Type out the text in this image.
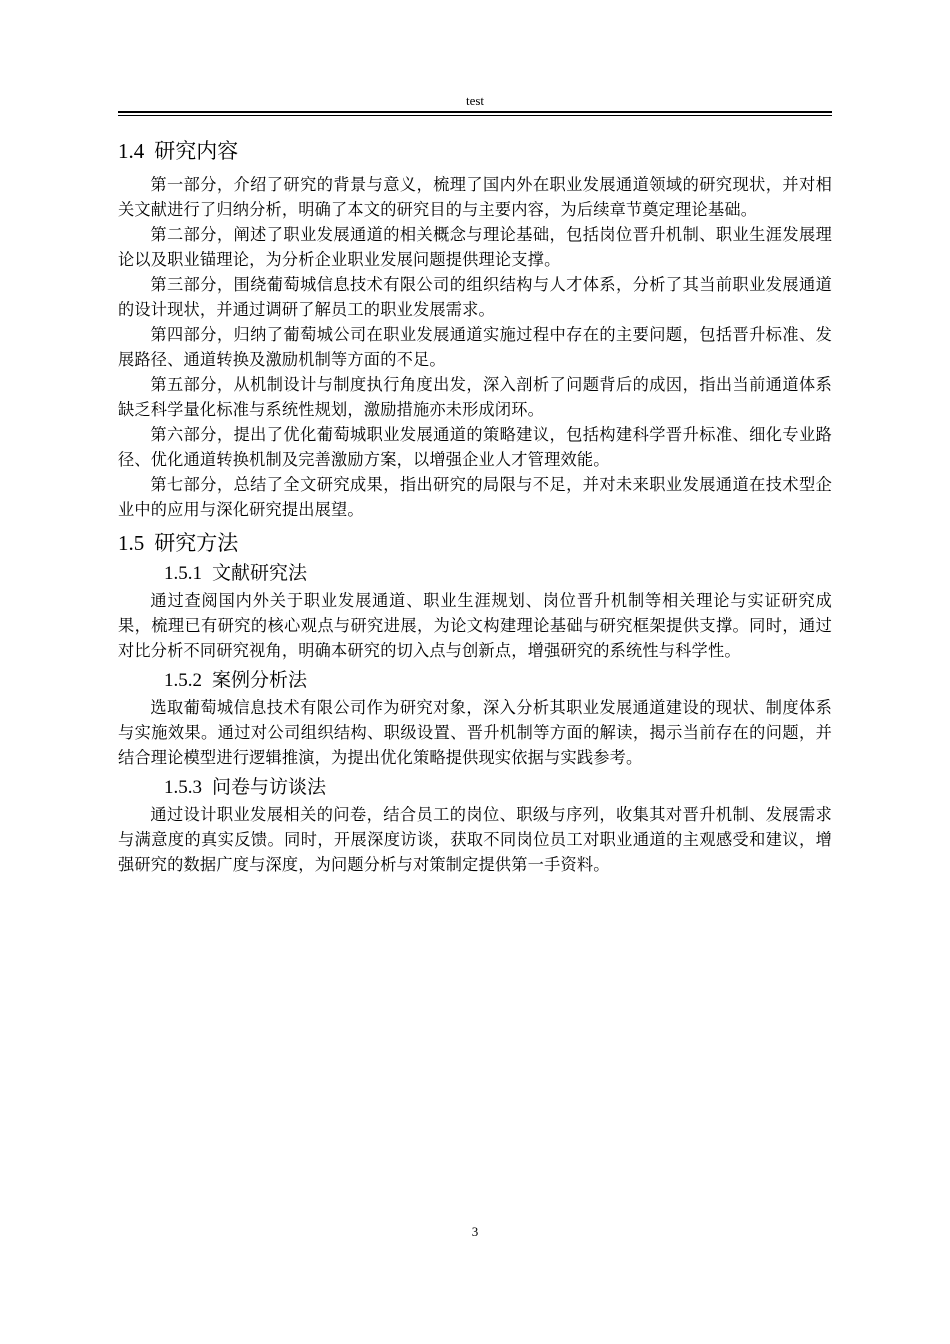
test
1.4 研究内容

第一部分，介绍了研究的背景与意义，梳理了国内外在职业发展通道领域的研究现状，并对相关文献进行了归纳分析，明确了本文的研究目的与主要内容，为后续章节奠定理论基础。

第二部分，阐述了职业发展通道的相关概念与理论基础，包括岗位晋升机制、职业生涯发展理论以及职业锚理论，为分析企业职业发展问题提供理论支撑。

第三部分，围绕葡萄城信息技术有限公司的组织结构与人才体系，分析了其当前职业发展通道的设计现状，并通过调研了解员工的职业发展需求。

第四部分，归纳了葡萄城公司在职业发展通道实施过程中存在的主要问题，包括晋升标准、发展路径、通道转换及激励机制等方面的不足。

第五部分，从机制设计与制度执行角度出发，深入剖析了问题背后的成因，指出当前通道体系缺乏科学量化标准与系统性规划，激励措施亦未形成闭环。

第六部分，提出了优化葡萄城职业发展通道的策略建议，包括构建科学晋升标准、细化专业路径、优化通道转换机制及完善激励方案，以增强企业人才管理效能。

第七部分，总结了全文研究成果，指出研究的局限与不足，并对未来职业发展通道在技术型企业中的应用与深化研究提出展望。

1.5 研究方法
1.5.1 文献研究法

通过查阅国内外关于职业发展通道、职业生涯规划、岗位晋升机制等相关理论与实证研究成果，梳理已有研究的核心观点与研究进展，为论文构建理论基础与研究框架提供支撑。同时，通过对比分析不同研究视角，明确本研究的切入点与创新点，增强研究的系统性与科学性。

1.5.2 案例分析法

选取葡萄城信息技术有限公司作为研究对象，深入分析其职业发展通道建设的现状、制度体系与实施效果。通过对公司组织结构、职级设置、晋升机制等方面的解读，揭示当前存在的问题，并结合理论模型进行逻辑推演，为提出优化策略提供现实依据与实践参考。

1.5.3 问卷与访谈法

通过设计职业发展相关的问卷，结合员工的岗位、职级与序列，收集其对晋升机制、发展需求与满意度的真实反馈。同时，开展深度访谈，获取不同岗位员工对职业通道的主观感受和建议，增强研究的数据广度与深度，为问题分析与对策制定提供第一手资料。

3
